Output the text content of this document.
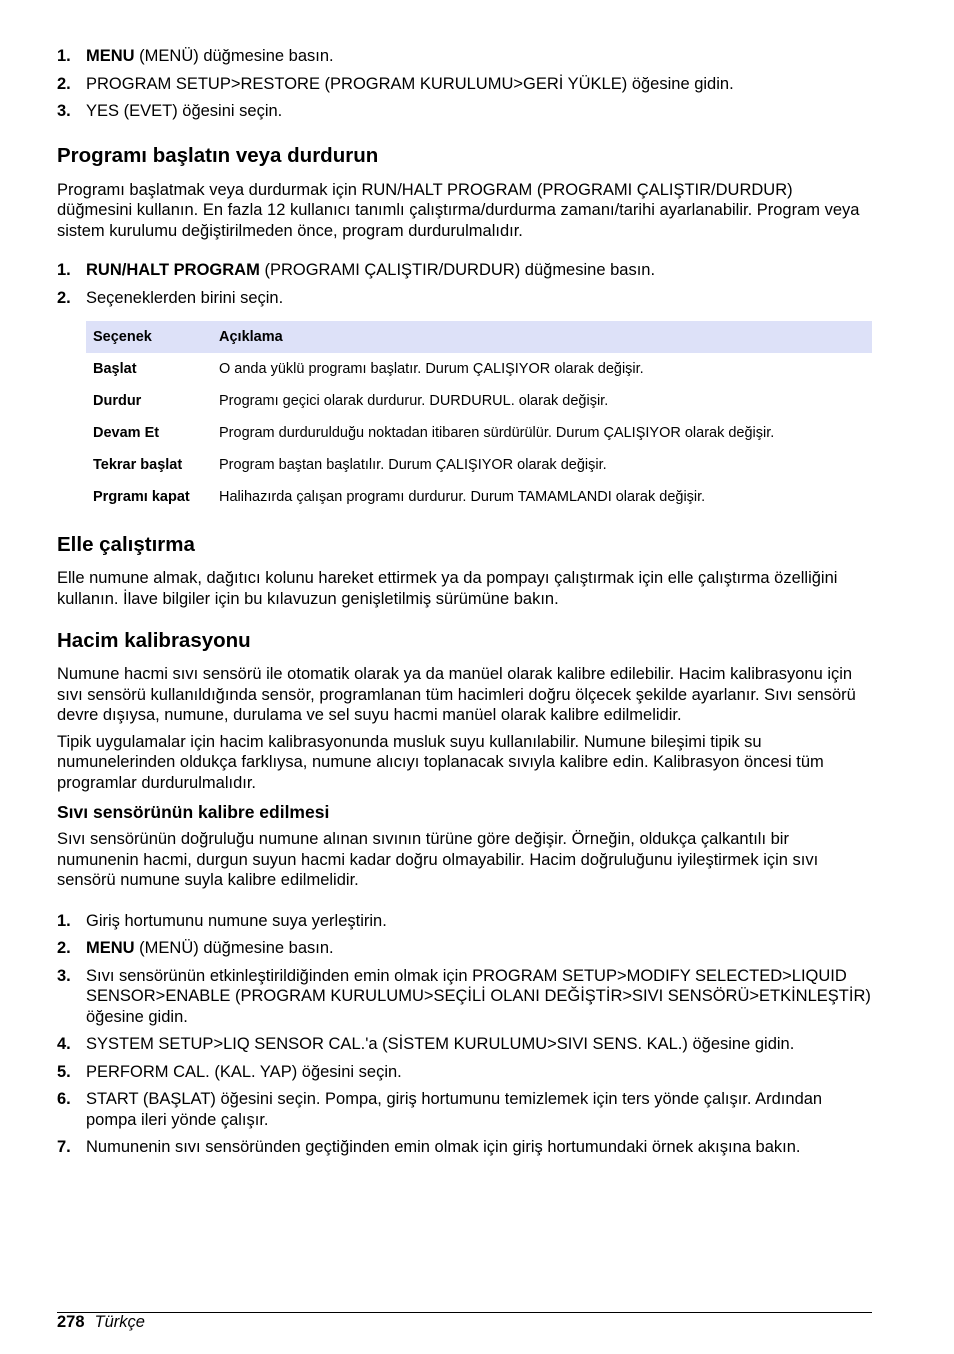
1. MENU (MENÜ) düğmesine basın.
2. PROGRAM SETUP>RESTORE (PROGRAM KURULUMU>GERİ YÜKLE) öğesine gidin.
3. YES (EVET) öğesini seçin.
Programı başlatın veya durdurun

Programı başlatmak veya durdurmak için RUN/HALT PROGRAM (PROGRAMI ÇALIŞTIR/DURDUR) düğmesini kullanın. En fazla 12 kullanıcı tanımlı çalıştırma/durdurma zamanı/tarihi ayarlanabilir. Program veya sistem kurulumu değiştirilmeden önce, program durdurulmalıdır.

1. RUN/HALT PROGRAM (PROGRAMI ÇALIŞTIR/DURDUR) düğmesine basın.
2. Seçeneklerden birini seçin.
Seçenek	Açıklama
Başlat	O anda yüklü programı başlatır. Durum ÇALIŞIYOR olarak değişir.
Durdur	Programı geçici olarak durdurur. DURDURUL. olarak değişir.
Devam Et	Program durdurulduğu noktadan itibaren sürdürülür. Durum ÇALIŞIYOR olarak değişir.
Tekrar başlat	Program baştan başlatılır. Durum ÇALIŞIYOR olarak değişir.
Prgramı kapat	Halihazırda çalışan programı durdurur. Durum TAMAMLANDI olarak değişir.
Elle çalıştırma

Elle numune almak, dağıtıcı kolunu hareket ettirmek ya da pompayı çalıştırmak için elle çalıştırma özelliğini kullanın. İlave bilgiler için bu kılavuzun genişletilmiş sürümüne bakın.

Hacim kalibrasyonu

Numune hacmi sıvı sensörü ile otomatik olarak ya da manüel olarak kalibre edilebilir. Hacim kalibrasyonu için sıvı sensörü kullanıldığında sensör, programlanan tüm hacimleri doğru ölçecek şekilde ayarlanır. Sıvı sensörü devre dışıysa, numune, durulama ve sel suyu hacmi manüel olarak kalibre edilmelidir.

Tipik uygulamalar için hacim kalibrasyonunda musluk suyu kullanılabilir. Numune bileşimi tipik su numunelerinden oldukça farklıysa, numune alıcıyı toplanacak sıvıyla kalibre edin. Kalibrasyon öncesi tüm programlar durdurulmalıdır.

Sıvı sensörünün kalibre edilmesi

Sıvı sensörünün doğruluğu numune alınan sıvının türüne göre değişir. Örneğin, oldukça çalkantılı bir numunenin hacmi, durgun suyun hacmi kadar doğru olmayabilir. Hacim doğruluğunu iyileştirmek için sıvı sensörü numune suyla kalibre edilmelidir.

1. Giriş hortumunu numune suya yerleştirin.
2. MENU (MENÜ) düğmesine basın.
3. Sıvı sensörünün etkinleştirildiğinden emin olmak için PROGRAM SETUP>MODIFY SELECTED>LIQUID SENSOR>ENABLE (PROGRAM KURULUMU>SEÇİLİ OLANI DEĞİŞTİR>SIVI SENSÖRÜ>ETKİNLEŞTİR) öğesine gidin.
4. SYSTEM SETUP>LIQ SENSOR CAL.'a (SİSTEM KURULUMU>SIVI SENS. KAL.) öğesine gidin.
5. PERFORM CAL. (KAL. YAP) öğesini seçin.
6. START (BAŞLAT) öğesini seçin. Pompa, giriş hortumunu temizlemek için ters yönde çalışır. Ardından pompa ileri yönde çalışır.
7. Numunenin sıvı sensöründen geçtiğinden emin olmak için giriş hortumundaki örnek akışına bakın.
278 Türkçe
